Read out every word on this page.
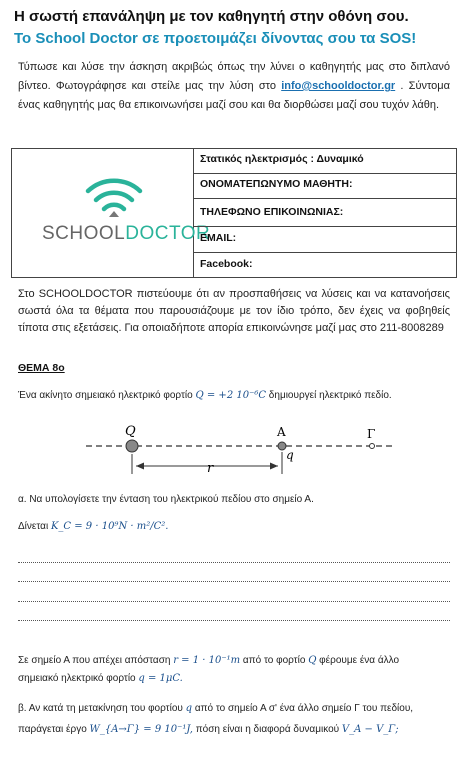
Η σωστή επανάληψη με τον καθηγητή στην οθόνη σου.
Το School Doctor σε προετοιμάζει δίνοντας σου τα SOS!
Τύπωσε και λύσε την άσκηση ακριβώς όπως την λύνει ο καθηγητής μας στο διπλανό βίντεο. Φωτογράφησε και στείλε μας την λύση στο info@schooldoctor.gr . Σύντομα ένας καθηγητής μας θα επικοινωνήσει μαζί σου και θα διορθώσει μαζί σου τυχόν λάθη.
SCHOOLDOCTOR
Στατικός ηλεκτρισμός : Δυναμικό
ΟΝΟΜΑΤΕΠΩΝΥΜΟ ΜΑΘΗΤΗ:
ΤΗΛΕΦΩΝΟ ΕΠΙΚΟΙΝΩΝΙΑΣ:
EMAIL:
Facebook:
Στο SCHOOLDOCTOR πιστεύουμε ότι αν προσπαθήσεις να λύσεις και να κατανοήσεις σωστά όλα τα θέματα που παρουσιάζουμε με τον ίδιο τρόπο, δεν έχεις να φοβηθείς τίποτα στις εξετάσεις. Για οποιαδήποτε απορία επικοινώνησε μαζί μας στο 211-8008289
ΘΕΜΑ 8ο
Ένα ακίνητο σημειακό ηλεκτρικό φορτίο Q = +2 10⁻⁶C δημιουργεί ηλεκτρικό πεδίο.
Q	Α
q
Γ
r
α. Να υπολογίσετε την ένταση του ηλεκτρικού πεδίου στο σημείο Α.
Δίνεται K_C = 9 · 10⁹N · m²/C².
Σε σημείο Α που απέχει απόσταση r = 1 · 10⁻¹m από το φορτίο Q φέρουμε ένα άλλο
σημειακό ηλεκτρικό φορτίο q = 1μC.
β. Αν κατά τη μετακίνηση του φορτίου q από το σημείο Α σ' ένα άλλο σημείο Γ του πεδίου,
παράγεται έργο W_{A→Γ} = 9 10⁻¹J, πόση είναι η διαφορά δυναμικού V_A − V_Γ;
